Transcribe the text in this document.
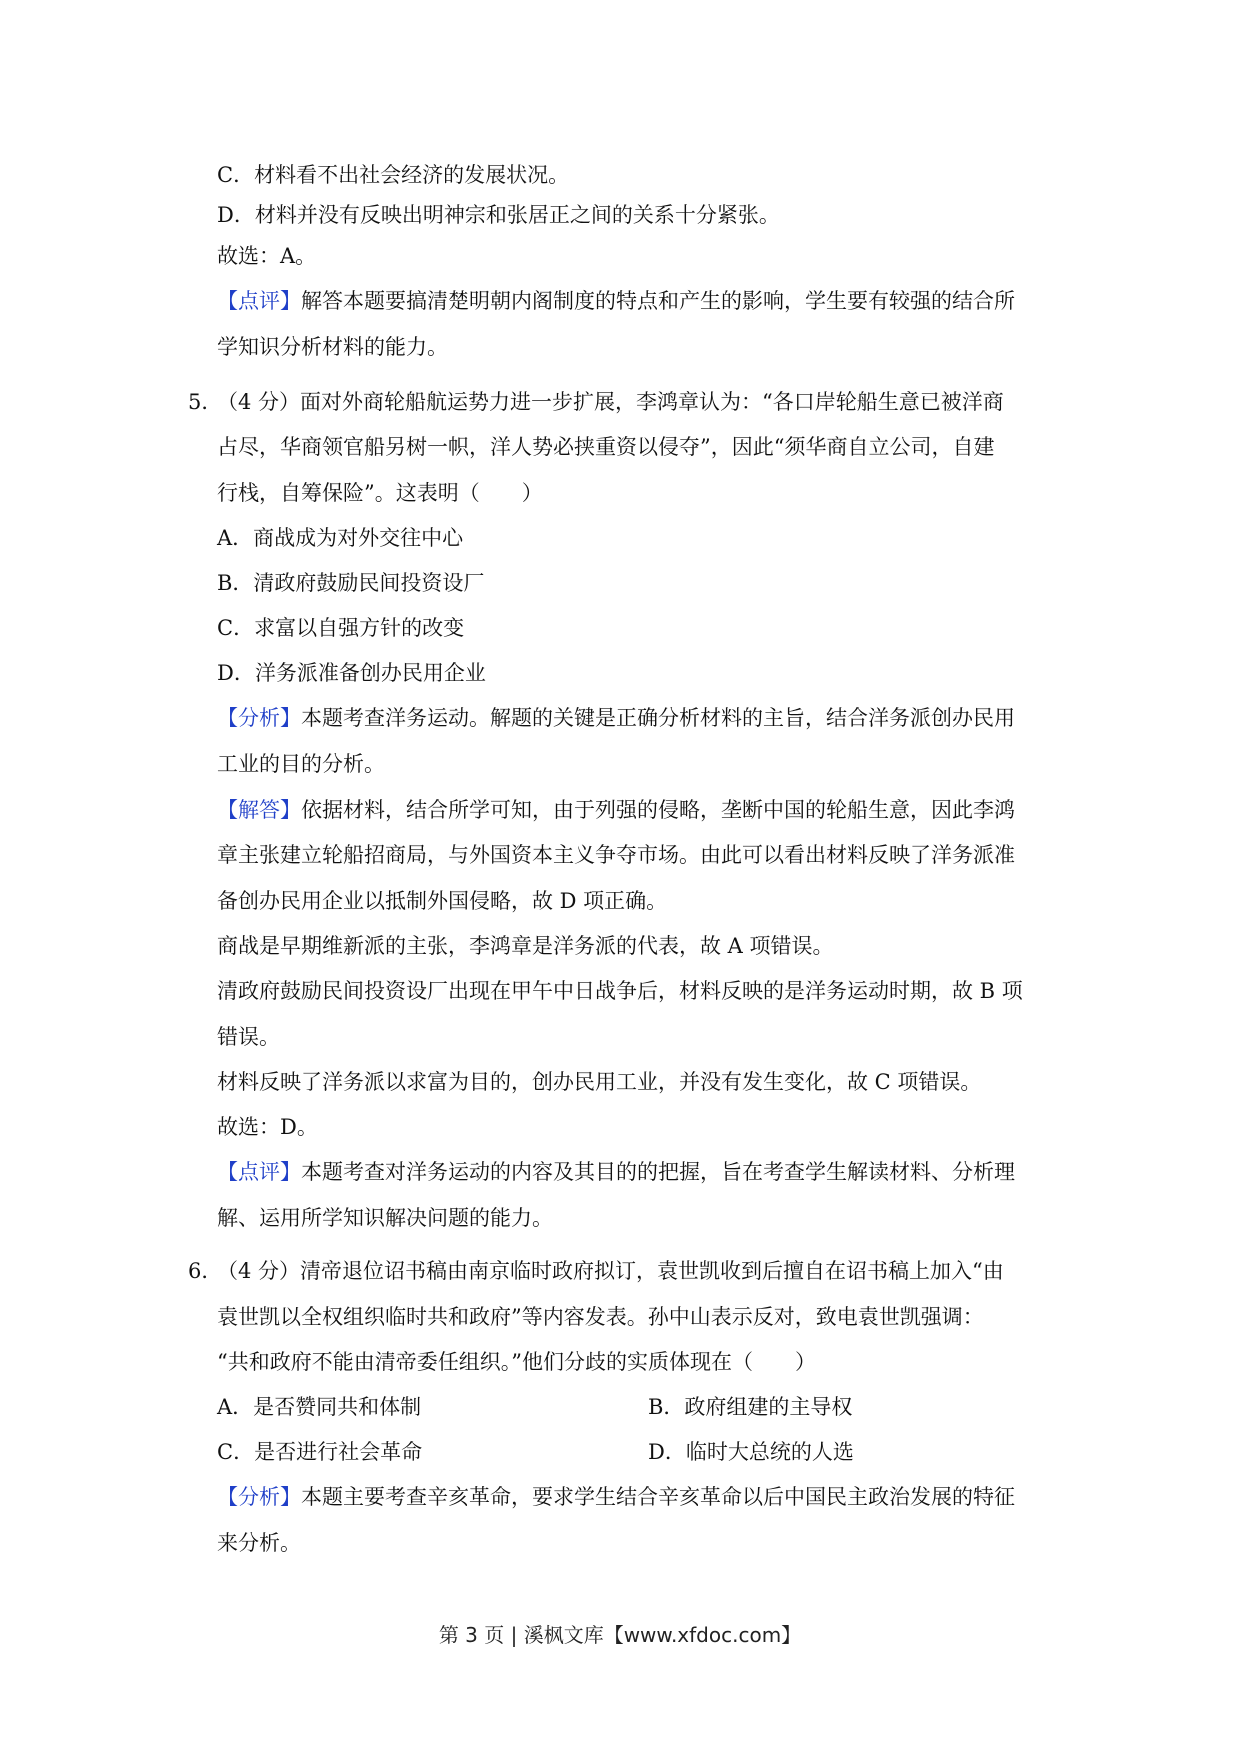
C．材料看不出社会经济的发展状况。
D．材料并没有反映出明神宗和张居正之间的关系十分紧张。
故选：A。
【点评】解答本题要搞清楚明朝内阁制度的特点和产生的影响，学生要有较强的结合所
学知识分析材料的能力。
5．
（4 分）面对外商轮船航运势力进一步扩展，李鸿章认为：“各口岸轮船生意已被洋商
占尽，华商领官船另树一帜，洋人势必挟重资以侵夺”，因此“须华商自立公司，自建
行栈，自筹保险”。这表明（　　）
A．商战成为对外交往中心
B．清政府鼓励民间投资设厂
C．求富以自强方针的改变
D．洋务派准备创办民用企业
【分析】本题考查洋务运动。解题的关键是正确分析材料的主旨，结合洋务派创办民用
工业的目的分析。
【解答】依据材料，结合所学可知，由于列强的侵略，垄断中国的轮船生意，因此李鸿
章主张建立轮船招商局，与外国资本主义争夺市场。由此可以看出材料反映了洋务派准
备创办民用企业以抵制外国侵略，故 D 项正确。
商战是早期维新派的主张，李鸿章是洋务派的代表，故 A 项错误。
清政府鼓励民间投资设厂出现在甲午中日战争后，材料反映的是洋务运动时期，故 B 项
错误。
材料反映了洋务派以求富为目的，创办民用工业，并没有发生变化，故 C 项错误。
故选：D。
【点评】本题考查对洋务运动的内容及其目的的把握，旨在考查学生解读材料、分析理
解、运用所学知识解决问题的能力。
6．
（4 分）清帝退位诏书稿由南京临时政府拟订，袁世凯收到后擅自在诏书稿上加入“由
袁世凯以全权组织临时共和政府”等内容发表。孙中山表示反对，致电袁世凯强调：
“共和政府不能由清帝委任组织。”他们分歧的实质体现在（　　）
A．是否赞同共和体制	B．政府组建的主导权
C．是否进行社会革命	D．临时大总统的人选
【分析】本题主要考查辛亥革命，要求学生结合辛亥革命以后中国民主政治发展的特征
来分析。
第 3 页 | 溪枫文库【www.xfdoc.com】
